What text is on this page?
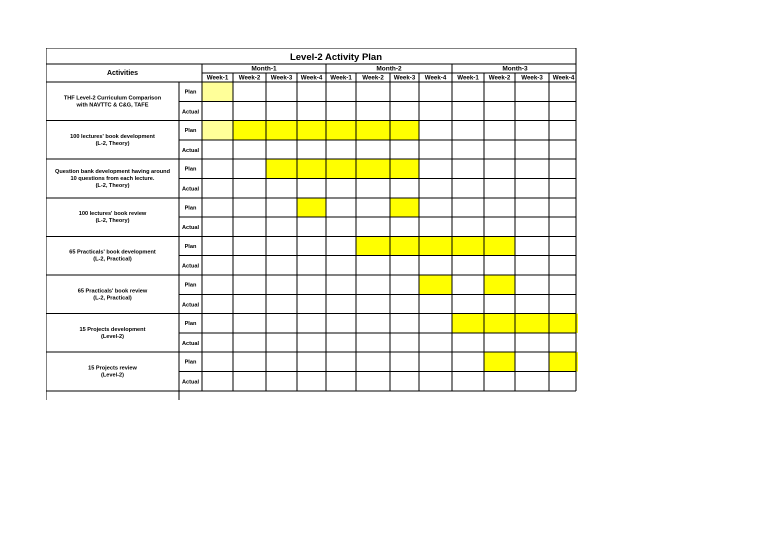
Level-2 Activity Plan
Activities
Month-1	Month-2	Month-3
Week-1 Week-2 Week-3 Week-4 Week-1 Week-2 Week-3 Week-4 Week-1 Week-2 Week-3 Week-4
THF Level-2 Curriculum Comparison
with NAVTTC & C&G, TAFE
Plan
Actual
100 lectures' book development
(L-2, Theory)
Plan
Actual
Question bank development having around
10 questions from each lecture.
(L-2, Theory)
Plan
Actual
100 lectures' book review
(L-2, Theory)
Plan
Actual
65 Practicals' book development
(L-2, Practical)
Plan
Actual
65 Practicals' book review
(L-2, Practical)
Plan
Actual
15 Projects development
(Level-2)
Plan
Actual
15 Projects review
(Level-2)
Plan
Actual
